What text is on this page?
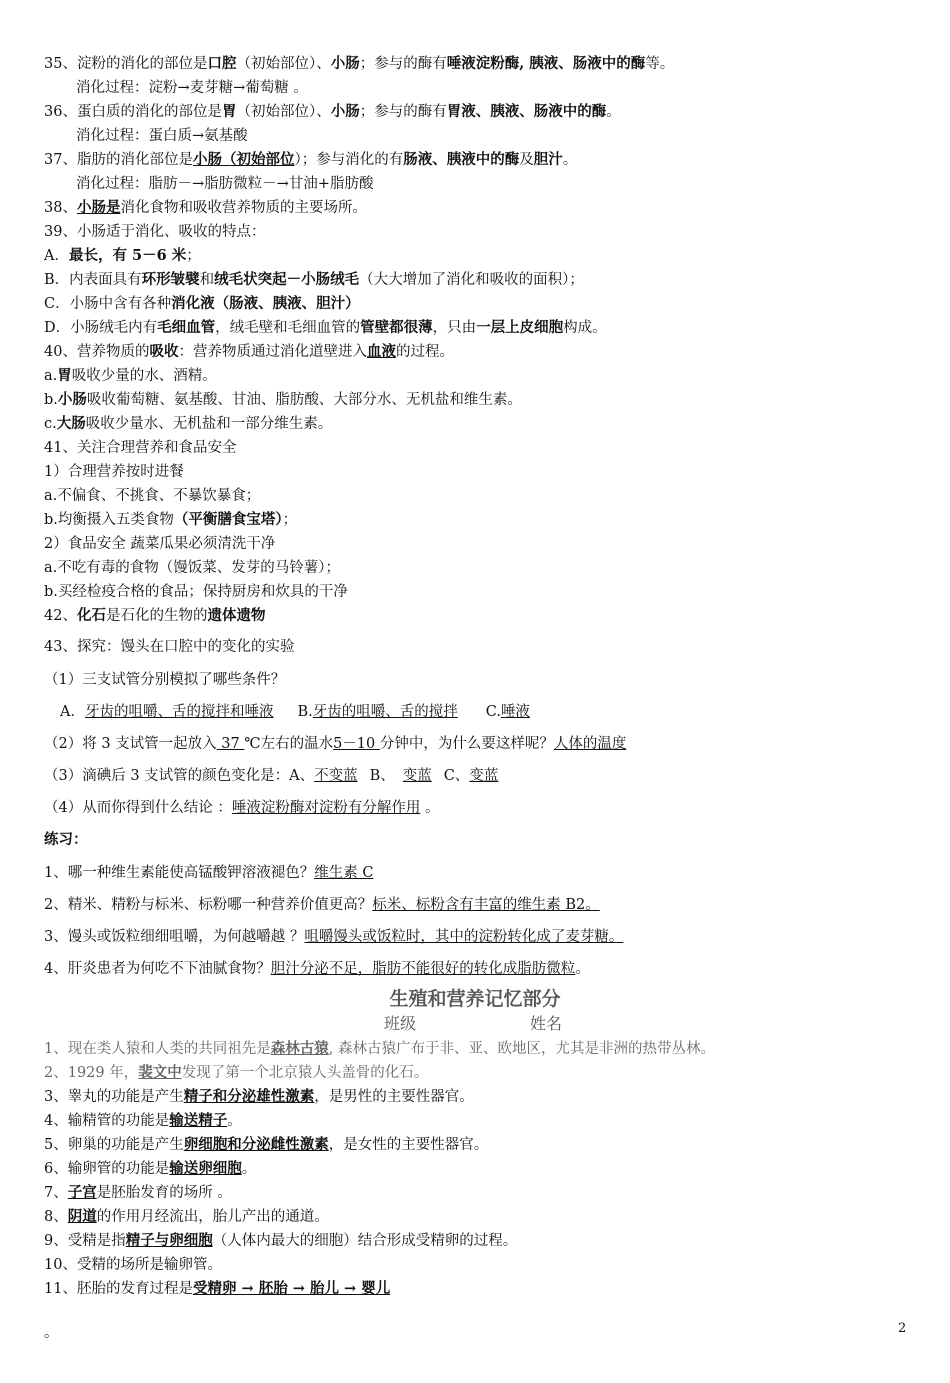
35、淀粉的消化的部位是口腔（初始部位）、小肠；参与的酶有唾液淀粉酶, 胰液、肠液中的酶等。
消化过程：淀粉→麦芽糖→葡萄糖 。
36、蛋白质的消化的部位是胃（初始部位）、小肠；参与的酶有胃液、胰液、肠液中的酶。
消化过程：蛋白质→氨基酸
37、脂肪的消化部位是小肠（初始部位）；参与消化的有肠液、胰液中的酶及胆汁。
消化过程：脂肪－→脂肪微粒－→甘油+脂肪酸
38、小肠是消化食物和吸收营养物质的主要场所。
39、小肠适于消化、吸收的特点：
A．最长，有 5－6 米；
B．内表面具有环形皱襞和绒毛状突起－小肠绒毛（大大增加了消化和吸收的面积）；
C．小肠中含有各种消化液（肠液、胰液、胆汁）
D．小肠绒毛内有毛细血管，绒毛壁和毛细血管的管壁都很薄，只由一层上皮细胞构成。
40、营养物质的吸收：营养物质通过消化道壁进入血液的过程。
a.胃吸收少量的水、酒精。
b.小肠吸收葡萄糖、氨基酸、甘油、脂肪酸、大部分水、无机盐和维生素。
c.大肠吸收少量水、无机盐和一部分维生素。
41、关注合理营养和食品安全
1）合理营养按时进餐
a.不偏食、不挑食、不暴饮暴食；
b.均衡摄入五类食物（平衡膳食宝塔）；
2）食品安全 蔬菜瓜果必须清洗干净
a.不吃有毒的食物（馒饭菜、发芽的马铃薯）；
b.买经检疫合格的食品；保持厨房和炊具的干净
42、化石是石化的生物的遗体遗物
43、探究：馒头在口腔中的变化的实验
（1）三支试管分别模拟了哪些条件？
A．牙齿的咀嚼、舌的搅拌和唾液 B.牙齿的咀嚼、舌的搅拌 C.唾液
（2）将 3 支试管一起放入 37 ℃左右的温水5－10 分钟中，为什么要这样呢？人体的温度
（3）滴碘后 3 支试管的颜色变化是：A、不变蓝 B、 变蓝 C、变蓝
（4）从而你得到什么结论 ：唾液淀粉酶对淀粉有分解作用 。
练习：
1、哪一种维生素能使高锰酸钾溶液褪色？维生素 C
2、精米、精粉与标米、标粉哪一种营养价值更高？标米、标粉含有丰富的维生素 B2。
3、馒头或饭粒细细咀嚼，为何越嚼越 ？咀嚼馒头或饭粒时，其中的淀粉转化成了麦芽糖。
4、肝炎患者为何吃不下油腻食物？胆汁分泌不足，脂肪不能很好的转化成脂肪微粒。
生殖和营养记忆部分
班级	姓名
1、现在类人猿和人类的共同祖先是森林古猿, 森林古猿广布于非、亚、欧地区，尤其是非洲的热带丛林。
2、1929 年，裴文中发现了第一个北京猿人头盖骨的化石。
3、睾丸的功能是产生精子和分泌雄性激素，是男性的主要性器官。
4、输精管的功能是输送精子。
5、卵巢的功能是产生卵细胞和分泌雌性激素，是女性的主要性器官。
6、输卵管的功能是输送卵细胞。
7、子宫是胚胎发育的场所 。
8、阴道的作用月经流出，胎儿产出的通道。
9、受精是指精子与卵细胞（人体内最大的细胞）结合形成受精卵的过程。
10、受精的场所是输卵管。
11、胚胎的发育过程是受精卵 → 胚胎 → 胎儿 → 婴儿
。	2
